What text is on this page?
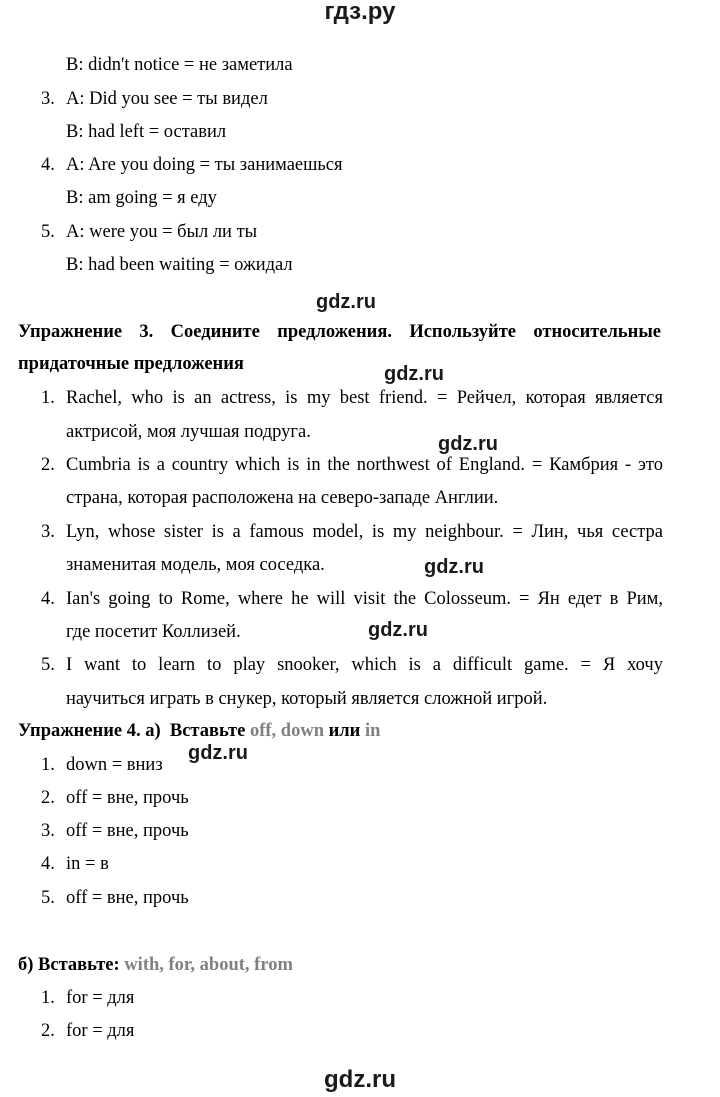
гдз.ру
B: didn't notice = не заметила
3. A: Did you see = ты видел
B: had left = оставил
4. A: Are you doing = ты занимаешься
B: am going = я еду
5. A: were you = был ли ты
B: had been waiting = ожидал
gdz.ru
Упражнение 3. Соедините предложения. Используйте относительные
придаточные предложения	gdz.ru
1. Rachel, who is an actress, is my best friend. = Рейчел, которая является
актрисой, моя лучшая подруга.
gdz.ru
2. Cumbria is a country which is in the northwest of England. = Камбрия - это
страна, которая расположена на северо-западе Англии.
3. Lyn, whose sister is a famous model, is my neighbour. = Лин, чья сестра
знаменитая модель, моя соседка.	gdz.ru
4. Ian's going to Rome, where he will visit the Colosseum. = Ян едет в Рим,
где посетит Коллизей.	gdz.ru
5. I want to learn to play snooker, which is a difficult game. = Я хочу
научиться играть в снукер, который является сложной игрой.
Упражнение 4. а)  Вставьте off, down или in
gdz.ru
1. down = вниз
2. off = вне, прочь
3. off = вне, прочь
4. in = в
5. off = вне, прочь
б) Вставьте: with, for, about, from
1. for = для
2. for = для
gdz.ru
